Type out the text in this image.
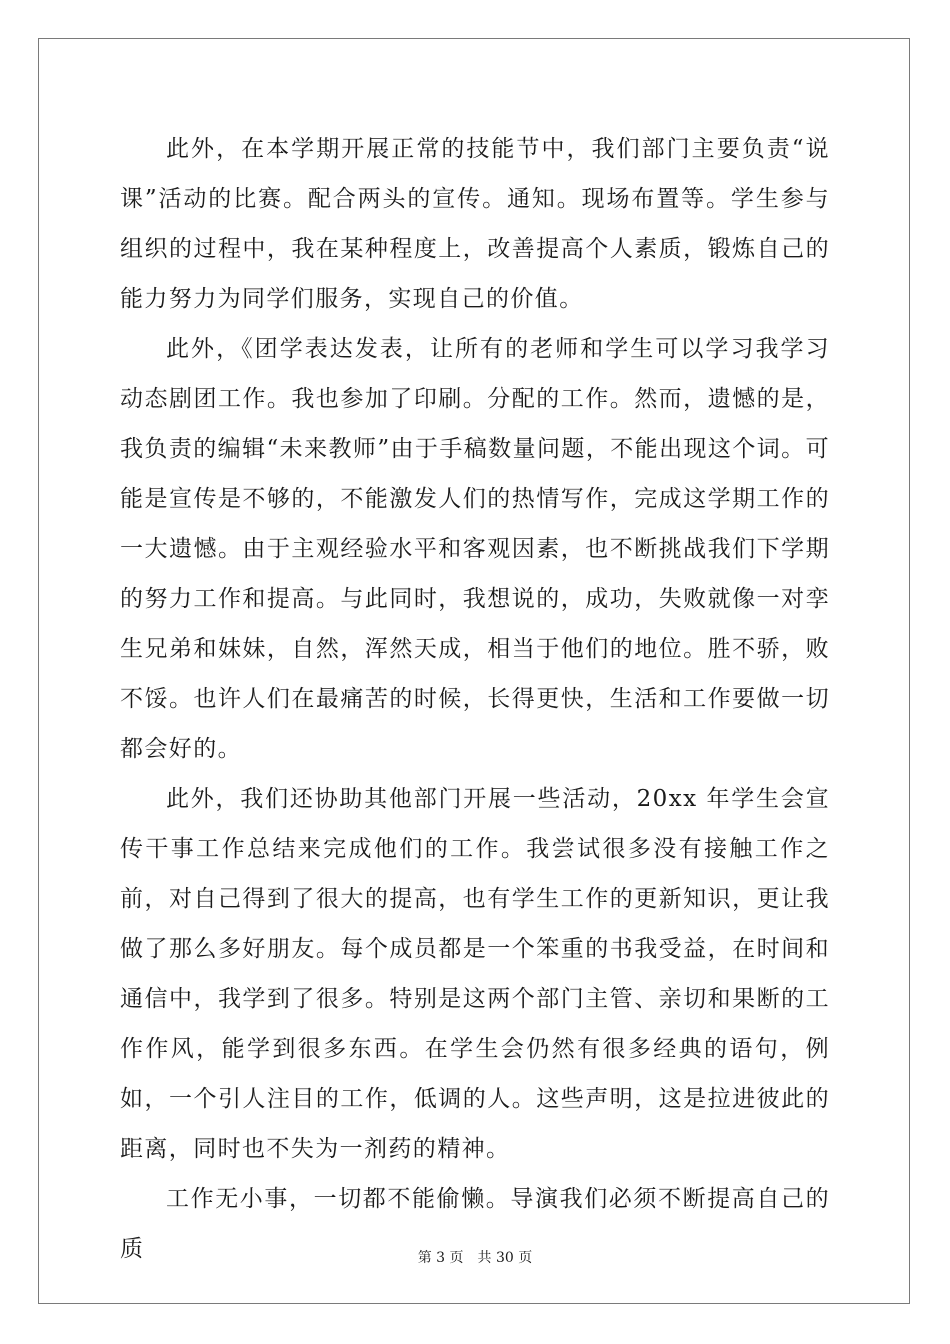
此外，在本学期开展正常的技能节中，我们部门主要负责“说课”活动的比赛。配合两头的宣传。通知。现场布置等。学生参与组织的过程中，我在某种程度上，改善提高个人素质，锻炼自己的能力努力为同学们服务，实现自己的价值。

此外，《团学表达发表，让所有的老师和学生可以学习我学习动态剧团工作。我也参加了印刷。分配的工作。然而，遗憾的是，我负责的编辑“未来教师”由于手稿数量问题，不能出现这个词。可能是宣传是不够的，不能激发人们的热情写作，完成这学期工作的一大遗憾。由于主观经验水平和客观因素，也不断挑战我们下学期的努力工作和提高。与此同时，我想说的，成功，失败就像一对孪生兄弟和妹妹，自然，浑然天成，相当于他们的地位。胜不骄，败不馁。也许人们在最痛苦的时候，长得更快，生活和工作要做一切都会好的。

此外，我们还协助其他部门开展一些活动，20xx 年学生会宣传干事工作总结来完成他们的工作。我尝试很多没有接触工作之前，对自己得到了很大的提高，也有学生工作的更新知识，更让我做了那么多好朋友。每个成员都是一个笨重的书我受益，在时间和通信中，我学到了很多。特别是这两个部门主管、亲切和果断的工作作风，能学到很多东西。在学生会仍然有很多经典的语句，例如，一个引人注目的工作，低调的人。这些声明，这是拉进彼此的距离，同时也不失为一剂药的精神。

工作无小事，一切都不能偷懒。导演我们必须不断提高自己的质	第 3 页 共 30 页
